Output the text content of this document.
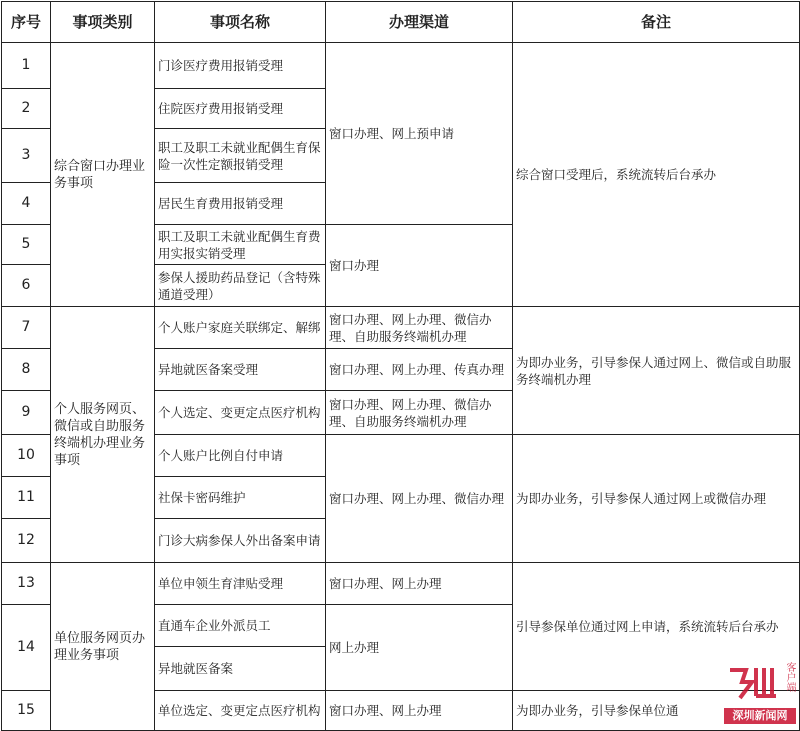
序号	事项类别	事项名称	办理渠道	备注
1	综合窗口办理业务事项	门诊医疗费用报销受理	窗口办理、网上预申请	综合窗口受理后，系统流转后台承办
2		住院医疗费用报销受理		
3		职工及职工未就业配偶生育保险一次性定额报销受理		
4		居民生育费用报销受理		
5		职工及职工未就业配偶生育费用实报实销受理	窗口办理	
6		参保人援助药品登记（含特殊通道受理）		
7	个人服务网页、微信或自助服务终端机办理业务事项	个人账户家庭关联绑定、解绑	窗口办理、网上办理、微信办理、自助服务终端机办理	为即办业务，引导参保人通过网上、微信或自助服务终端机办理
8		异地就医备案受理	窗口办理、网上办理、传真办理	
9		个人选定、变更定点医疗机构	窗口办理、网上办理、微信办理、自助服务终端机办理	
10		个人账户比例自付申请	窗口办理、网上办理、微信办理	为即办业务，引导参保人通过网上或微信办理
11		社保卡密码维护		
12		门诊大病参保人外出备案申请		
13	单位服务网页办理业务事项	单位申领生育津贴受理	窗口办理、网上办理	引导参保单位通过网上申请，系统流转后台承办
14		直通车企业外派员工	网上办理	
		异地就医备案		
15		单位选定、变更定点医疗机构	窗口办理、网上办理	为即办业务，引导参保单位通
客户端
深圳新闻网
